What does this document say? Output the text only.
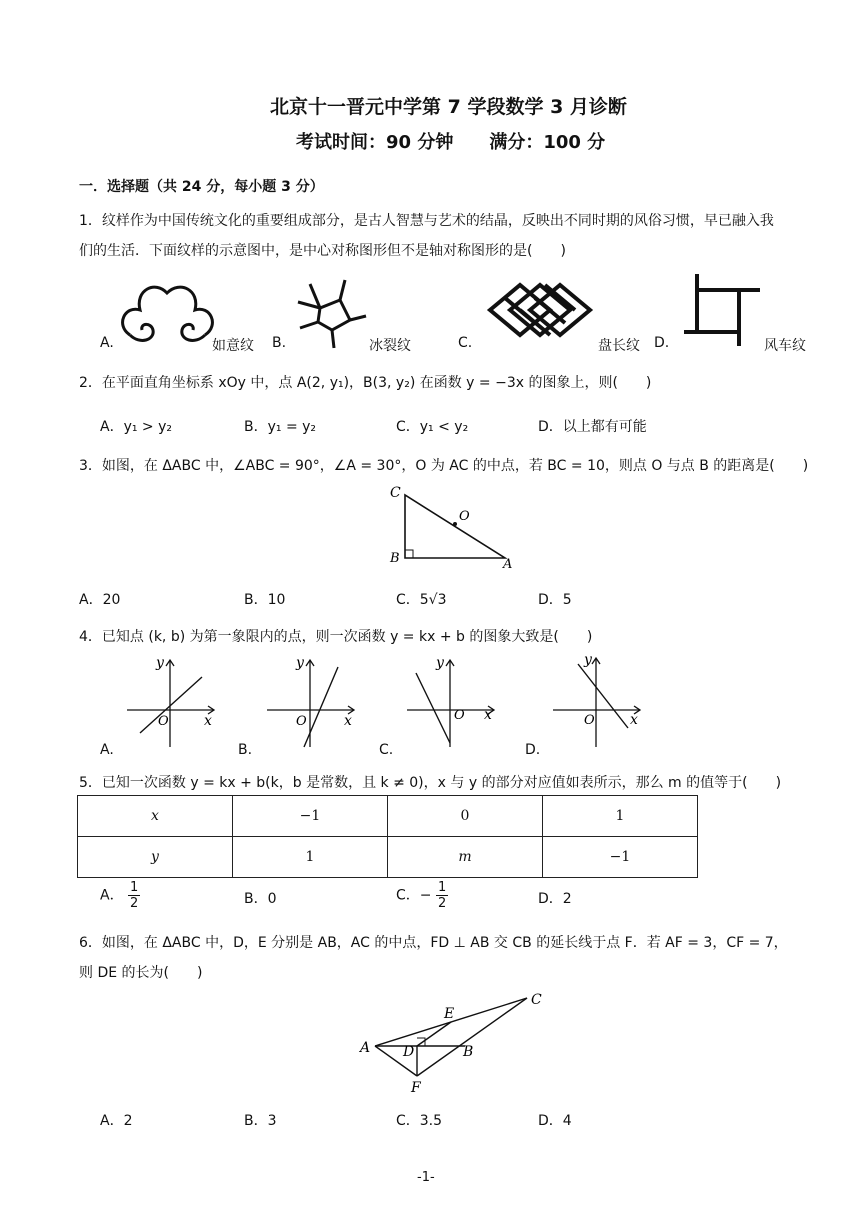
北京十一晋元中学第 7 学段数学 3 月诊断
考试时间：90 分钟　　满分：100 分
一．选择题（共 24 分，每小题 3 分）
1．纹样作为中国传统文化的重要组成部分，是古人智慧与艺术的结晶，反映出不同时期的风俗习惯，早已融入我
们的生活．下面纹样的示意图中，是中心对称图形但不是轴对称图形的是(　　)
A.	如意纹 B.	冰裂纹	C.	盘长纹 D.	风车纹
2．在平面直角坐标系 xOy 中，点 A(2, y₁)，B(3, y₂) 在函数 y = −3x 的图象上，则(　　)
A．y₁ > y₂	B．y₁ = y₂	C．y₁ < y₂	D．以上都有可能
3．如图，在 ΔABC 中，∠ABC = 90°，∠A = 30°，O 为 AC 的中点，若 BC = 10，则点 O 与点 B 的距离是(　　)
C
O
B	A
A．20	B．10	C．5√3	D．5
4．已知点 (k, b) 为第一象限内的点，则一次函数 y = kx + b 的图象大致是(　　)
y
x
O
y
x
O
y
x
O
y
x
O
A.	B.	C.	D.
5．已知一次函数 y = kx + b(k，b 是常数，且 k ≠ 0)，x 与 y 的部分对应值如表所示，那么 m 的值等于(　　)
x	−1	0	1
y	1	m	−1
A． $\frac{1}{2}$	B．0	C．− $\frac{1}{2}$	D．2
6．如图，在 ΔABC 中，D，E 分别是 AB，AC 的中点，FD ⊥ AB 交 CB 的延长线于点 F．若 AF = 3，CF = 7，
则 DE 的长为(　　)
A D	B
E
C
F
A．2	B．3	C．3.5	D．4
-1-
